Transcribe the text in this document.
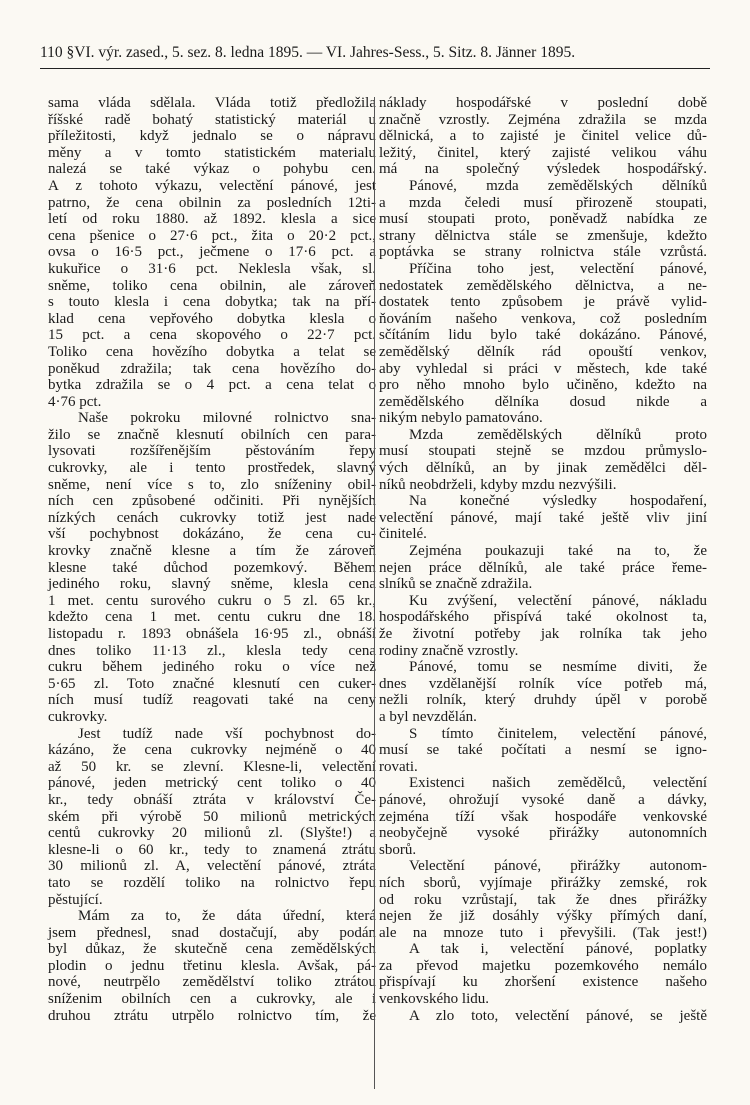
110 §VI. výr. zased., 5. sez. 8. ledna 1895. — VI. Jahres-Sess., 5. Sitz. 8. Jänner 1895.

sama vláda sdělala. Vláda totiž předložila

říšské radě bohatý statistický materiál u

příležitosti, když jednalo se o nápravu

měny a v tomto statistickém materialu

nalezá se také výkaz o pohybu cen.

A z tohoto výkazu, velectění pánové, jest

patrno, že cena obilnin za posledních 12ti-

letí od roku 1880. až 1892. klesla a sice

cena pšenice o 27·6 pct., žita o 20·2 pct.,

ovsa o 16·5 pct., ječmene o 17·6 pct. a

kukuřice o 31·6 pct. Neklesla však, sl.

sněme, toliko cena obilnin, ale zároveň

s touto klesla i cena dobytka; tak na pří-

klad cena vepřového dobytka klesla o

15 pct. a cena skopového o 22·7 pct.

Toliko cena hovězího dobytka a telat se

poněkud zdražila; tak cena hovězího do-

bytka zdražila se o 4 pct. a cena telat o

4·76 pct.

Naše pokroku milovné rolnictvo sna-

žilo se značně klesnutí obilních cen para-

lysovati rozšířenějším pěstováním řepy

cukrovky, ale i tento prostředek, slavný

sněme, není více s to, zlo sníženiny obil-

ních cen způsobené odčiniti. Při nynějších

nízkých cenách cukrovky totiž jest nade

vší pochybnost dokázáno, že cena cu-

krovky značně klesne a tím že zároveň

klesne také důchod pozemkový. Během

jediného roku, slavný sněme, klesla cena

1 met. centu surového cukru o 5 zl. 65 kr.,

kdežto cena 1 met. centu cukru dne 18.

listopadu r. 1893 obnášela 16·95 zl., obnáší

dnes toliko 11·13 zl., klesla tedy cena

cukru během jediného roku o více než

5·65 zl. Toto značné klesnutí cen cuker-

ních musí tudíž reagovati také na ceny

cukrovky.

Jest tudíž nade vší pochybnost do-

kázáno, že cena cukrovky nejméně o 40

až 50 kr. se zlevní. Klesne-li, velectění

pánové, jeden metrický cent toliko o 40

kr., tedy obnáší ztráta v království Če-

ském při výrobě 50 milionů metrických

centů cukrovky 20 milionů zl. (Slyšte!) a

klesne-li o 60 kr., tedy to znamená ztrátu

30 milionů zl. A, velectění pánové, ztráta

tato se rozdělí toliko na rolnictvo řepu

pěstující.

Mám za to, že dáta úřední, která

jsem přednesl, snad dostačují, aby podán

byl důkaz, že skutečně cena zemědělských

plodin o jednu třetinu klesla. Avšak, pá-

nové, neutrpělo zemědělství toliko ztrátou

sníženim obilních cen a cukrovky, ale i

druhou ztrátu utrpělo rolnictvo tím, že

náklady hospodářské v poslední době

značně vzrostly. Zejména zdražila se mzda

dělnická, a to zajisté je činitel velice dů-

ležitý, činitel, který zajisté velikou váhu

má na společný výsledek hospodářský.

Pánové, mzda zemědělských dělníků

a mzda čeledi musí přirozeně stoupati,

musí stoupati proto, poněvadž nabídka ze

strany dělnictva stále se zmenšuje, kdežto

poptávka se strany rolnictva stále vzrůstá.

Příčina toho jest, velectění pánové,

nedostatek zemědělského dělnictva, a ne-

dostatek tento způsobem je právě vylid-

ňováním našeho venkova, což posledním

sčítáním lidu bylo také dokázáno. Pánové,

zemědělský dělník rád opouští venkov,

aby vyhledal si práci v městech, kde také

pro něho mnoho bylo učiněno, kdežto na

zemědělského dělníka dosud nikde a

nikým nebylo pamatováno.

Mzda zemědělských dělníků proto

musí stoupati stejně se mzdou průmyslo-

vých dělníků, an by jinak zemědělci děl-

níků neobdrželi, kdyby mzdu nezvýšili.

Na konečné výsledky hospodaření,

velectění pánové, mají také ještě vliv jiní

činitelé.

Zejména poukazuji také na to, že

nejen práce dělníků, ale také práce řeme-

slníků se značně zdražila.

Ku zvýšení, velectění pánové, nákladu

hospodářského přispívá také okolnost ta,

že životní potřeby jak rolníka tak jeho

rodiny značně vzrostly.

Pánové, tomu se nesmíme diviti, že

dnes vzdělanější rolník více potřeb má,

nežli rolník, který druhdy úpěl v porobě

a byl nevzdělán.

S tímto činitelem, velectění pánové,

musí se také počítati a nesmí se igno-

rovati.

Existenci našich zemědělců, velectění

pánové, ohrožují vysoké daně a dávky,

zejména tíží však hospodáře venkovské

neobyčejně vysoké přirážky autonomních

sborů.

Velectění pánové, přirážky autonom-

ních sborů, vyjímaje přirážky zemské, rok

od roku vzrůstají, tak že dnes přirážky

nejen že již dosáhly výšky přímých daní,

ale na mnoze tuto i převyšili. (Tak jest!)

A tak i, velectění pánové, poplatky

za převod majetku pozemkového nemálo

přispívají ku zhoršení existence našeho

venkovského lidu.

A zlo toto, velectění pánové, se ještě
